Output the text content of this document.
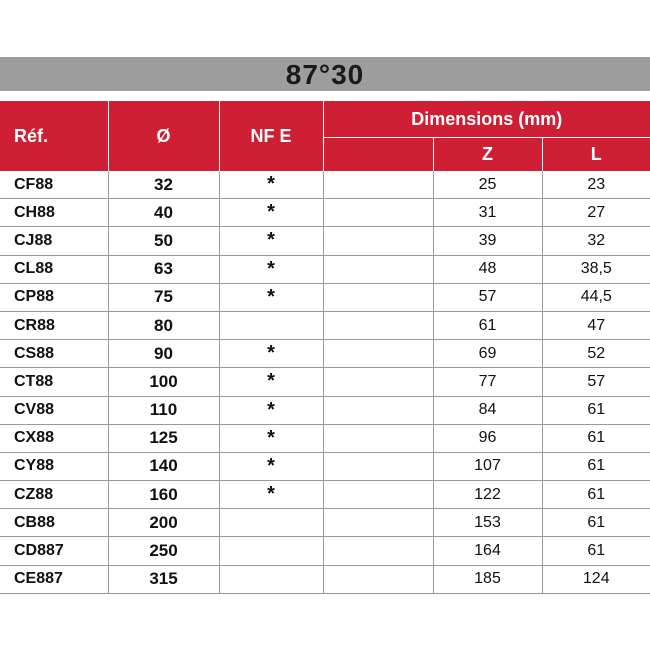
87°30
Réf.	Ø	NF E	Dimensions (mm)		
				Z	L
CF88	32	*		25	23
CH88	40	*		31	27
CJ88	50	*		39	32
CL88	63	*		48	38,5
CP88	75	*		57	44,5
CR88	80			61	47
CS88	90	*		69	52
CT88	100	*		77	57
CV88	110	*		84	61
CX88	125	*		96	61
CY88	140	*		107	61
CZ88	160	*		122	61
CB88	200			153	61
CD887	250			164	61
CE887	315			185	124
